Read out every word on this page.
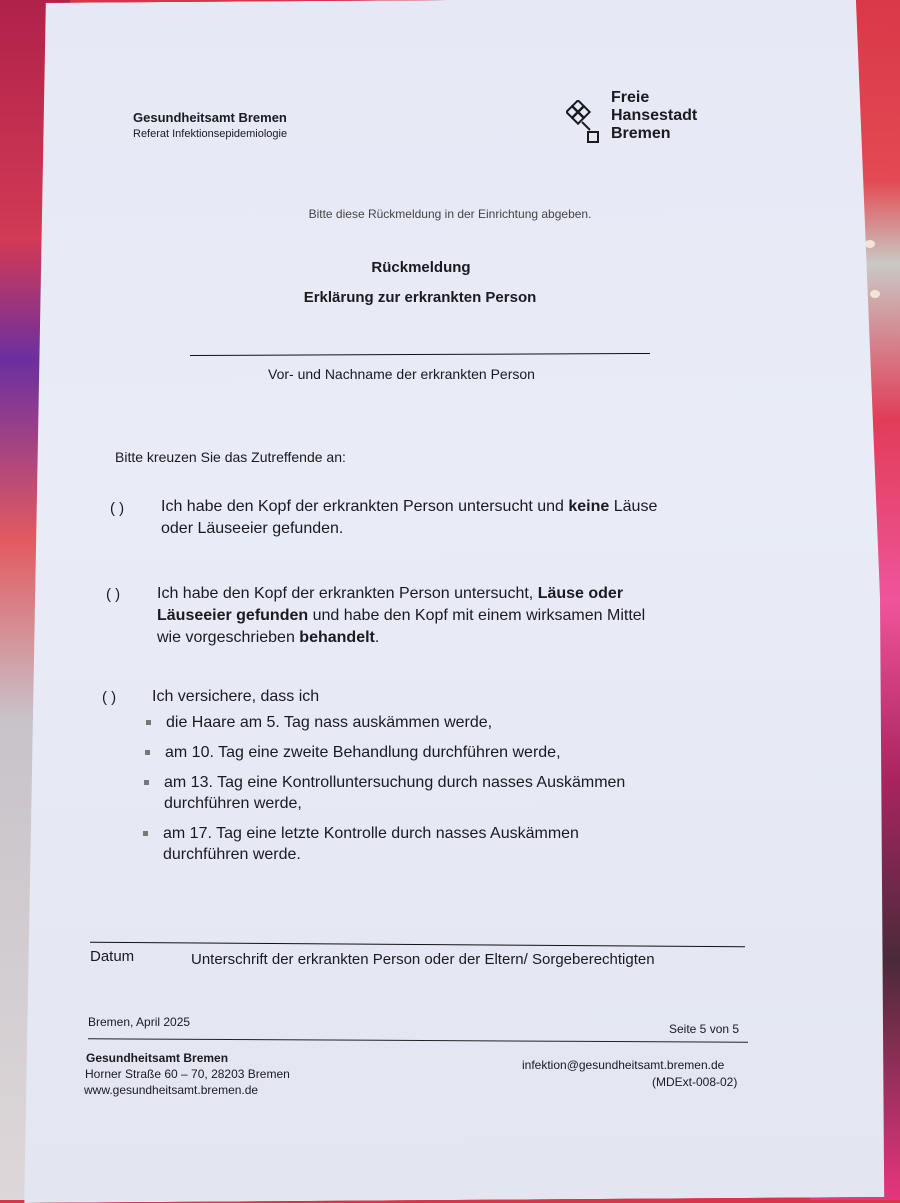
Gesundheitsamt Bremen
Referat Infektionsepidemiologie
Freie
Hansestadt
Bremen
Bitte diese Rückmeldung in der Einrichtung abgeben.
Rückmeldung
Erklärung zur erkrankten Person
Vor- und Nachname der erkrankten Person
Bitte kreuzen Sie das Zutreffende an:
( ) Ich habe den Kopf der erkrankten Person untersucht und keine Läuse
oder Läuseeier gefunden.
( ) Ich habe den Kopf der erkrankten Person untersucht, Läuse oder
Läuseeier gefunden und habe den Kopf mit einem wirksamen Mittel
wie vorgeschrieben behandelt.
( ) Ich versichere, dass ich
die Haare am 5. Tag nass auskämmen werde,
am 10. Tag eine zweite Behandlung durchführen werde,
am 13. Tag eine Kontrolluntersuchung durch nasses Auskämmen
durchführen werde,
am 17. Tag eine letzte Kontrolle durch nasses Auskämmen
durchführen werde.
Datum	Unterschrift der erkrankten Person oder der Eltern/ Sorgeberechtigten
Bremen, April 2025	Seite 5 von 5
Gesundheitsamt Bremen
Horner Straße 60 – 70, 28203 Bremen
www.gesundheitsamt.bremen.de
infektion@gesundheitsamt.bremen.de
(MDExt-008-02)
